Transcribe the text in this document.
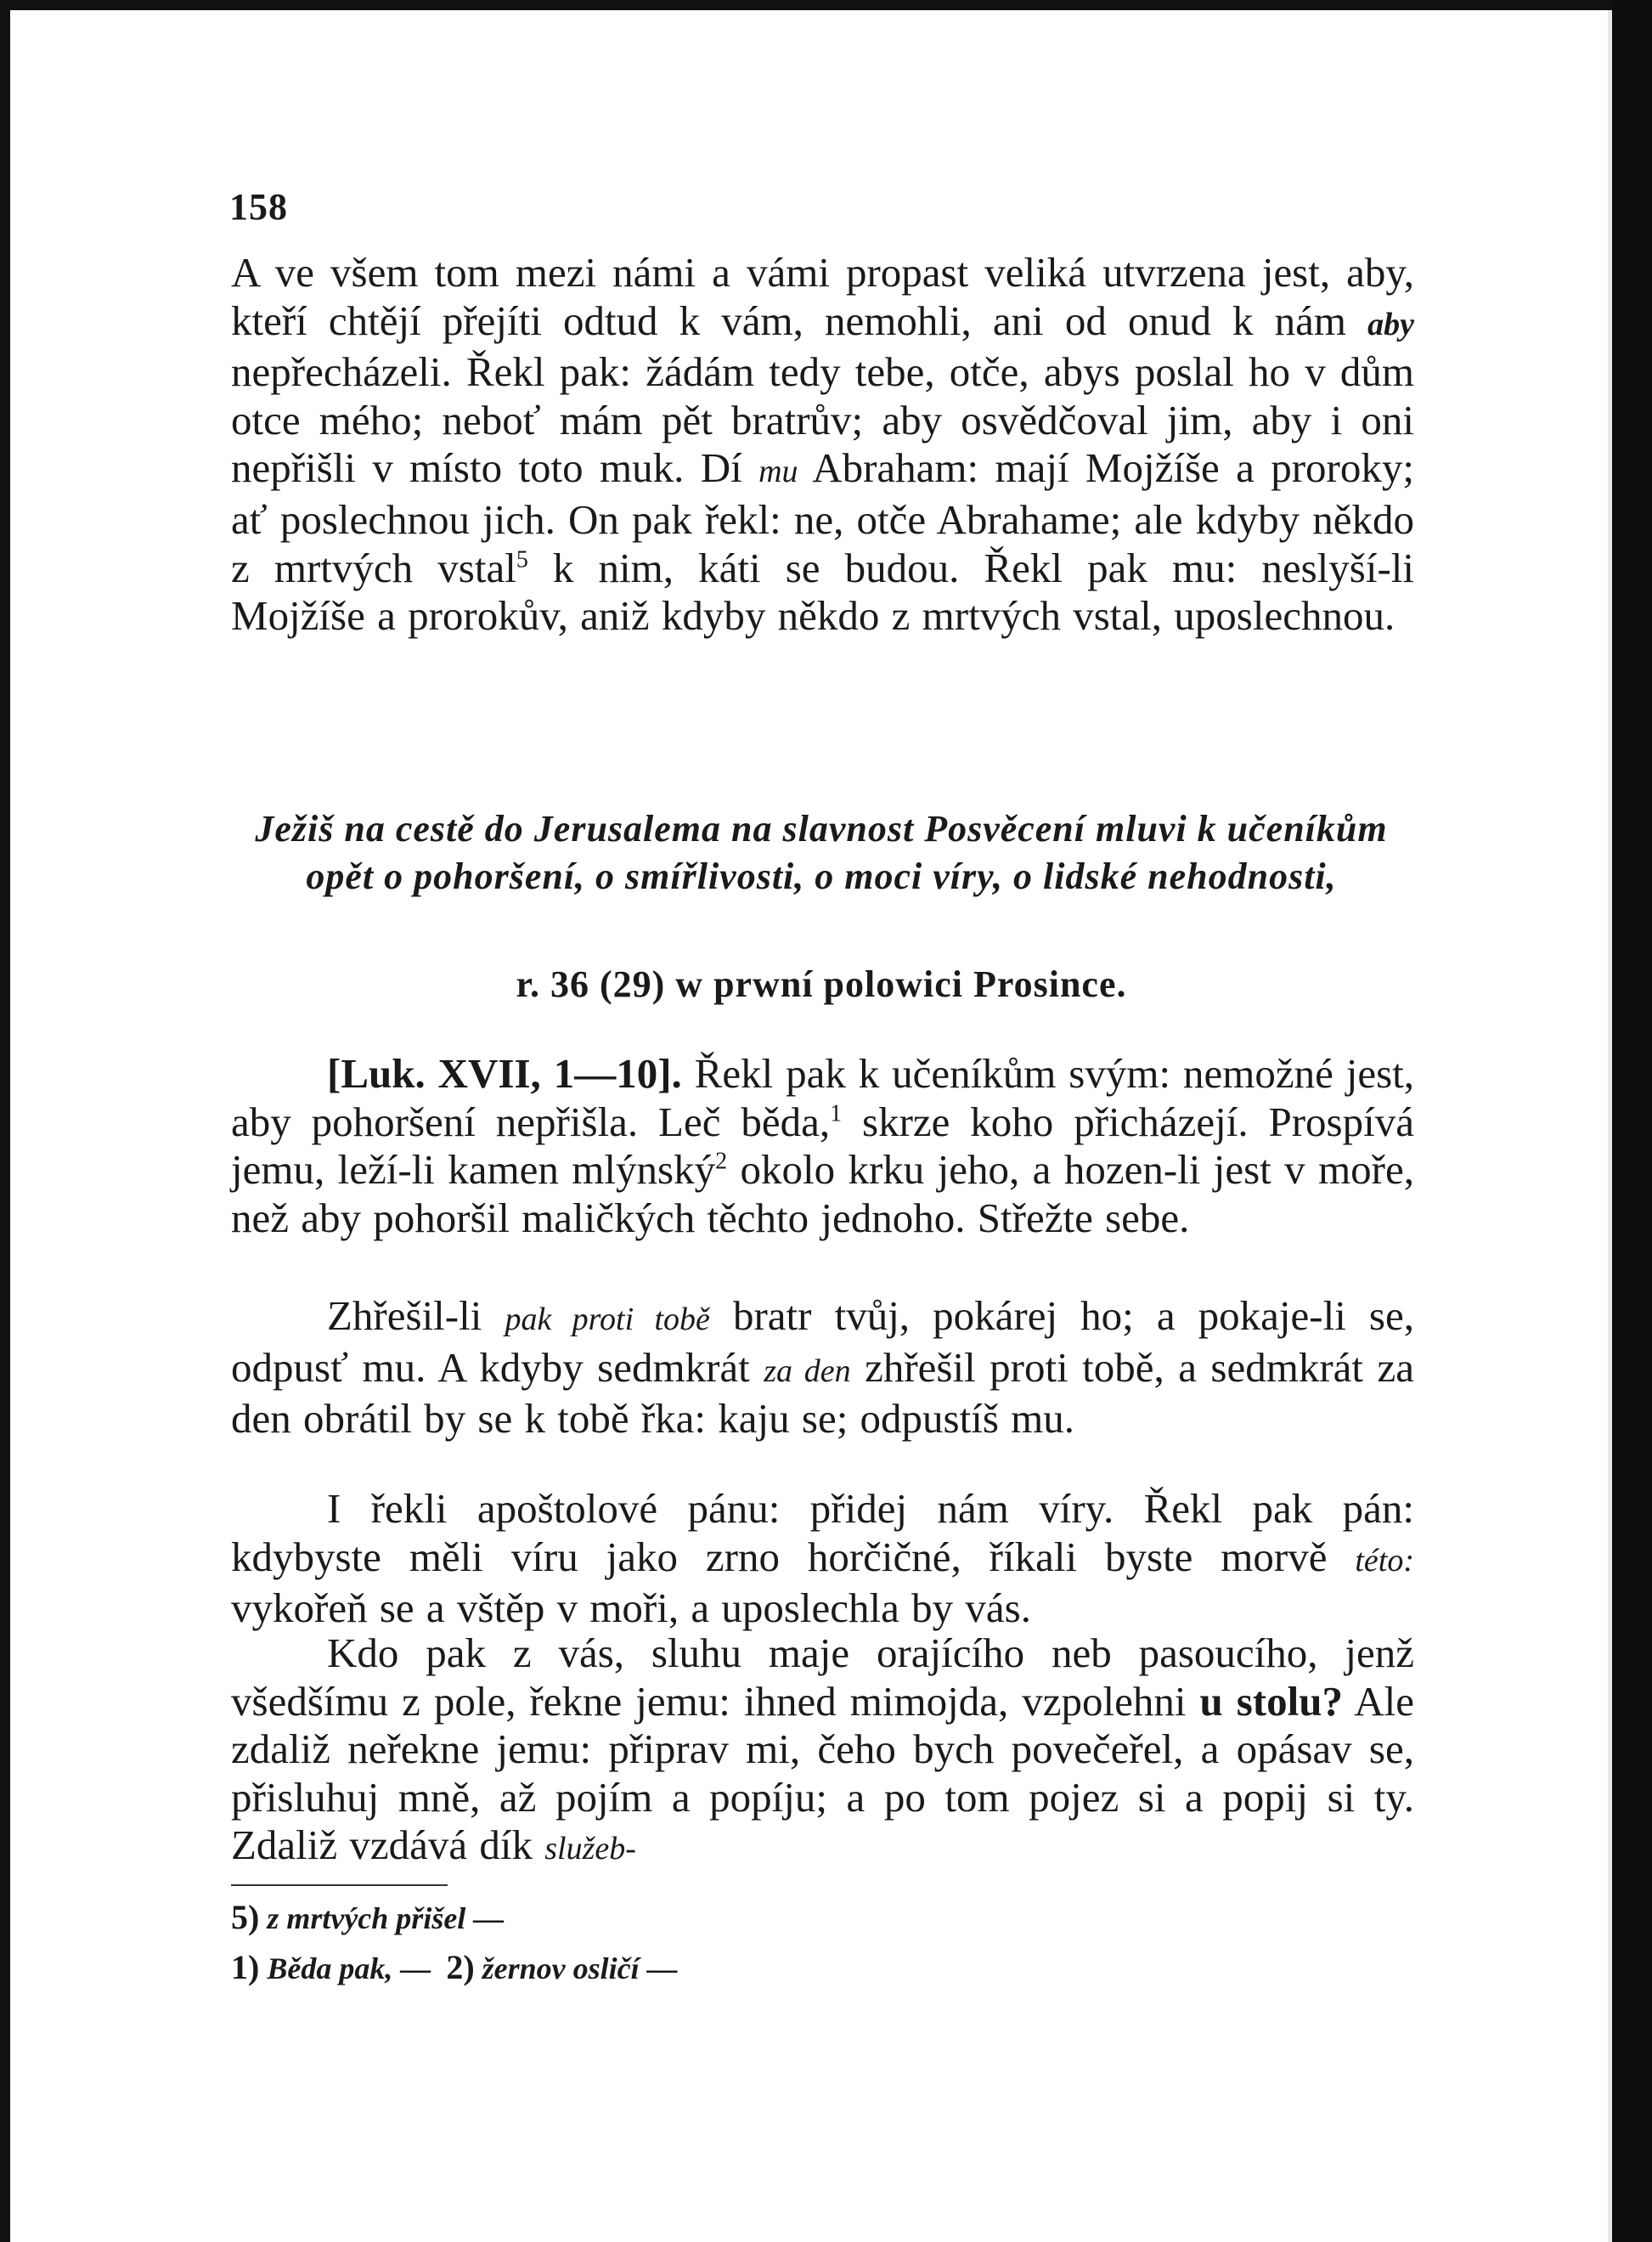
158
A ve všem tom mezi námi a vámi propast veliká utvrzena jest, aby, kteří chtějí přejíti odtud k vám, nemohli, ani od onud k nám aby nepřecházeli. Řekl pak: žádám tedy tebe, otče, abys poslal ho v dům otce mého; neboť mám pět bratrův; aby osvědčoval jim, aby i oni nepřišli v místo toto muk. Dí mu Abraham: mají Mojžíše a proroky; ať poslechnou jich. On pak řekl: ne, otče Abrahame; ale kdyby někdo z mrtvých vstal$^5$ k nim, káti se budou. Řekl pak mu: neslyší-li Mojžíše a prorokův, aniž kdyby někdo z mrtvých vstal, uposlechnou.
Ježiš na cestě do Jerusalema na slavnost Posvěcení mluvi k učeníkům opět o pohoršení, o smířlivosti, o moci víry, o lidské nehodnosti,
r. 36 (29) w prwní polowici Prosince.
[Luk. XVII, 1—10]. Řekl pak k učeníkům svým: nemožné jest, aby pohoršení nepřišla. Leč běda,$^1$ skrze koho přicházejí. Prospívá jemu, leží-li kamen mlýnský$^2$ okolo krku jeho, a hozen-li jest v moře, než aby pohoršil maličkých těchto jednoho. Střežte sebe.
Zhřešil-li pak proti tobě bratr tvůj, pokárej ho; a pokaje-li se, odpusť mu. A kdyby sedmkrát za den zhřešil proti tobě, a sedmkrát za den obrátil by se k tobě řka: kaju se; odpustíš mu.
I řekli apoštolové pánu: přidej nám víry. Řekl pak pán: kdybyste měli víru jako zrno horčičné, říkali byste morvě této: vykořeň se a vštěp v moři, a uposlechla by vás.
Kdo pak z vás, sluhu maje orajícího neb pasoucího, jenž všedšímu z pole, řekne jemu: ihned mimojda, vzpolehni u stolu? Ale zdaliž neřekne jemu: připrav mi, čeho bych povečeřel, a opásav se, přisluhuj mně, až pojím a popíju; a po tom pojez si a popij si ty. Zdaliž vzdává dík služeb-
5) z mrtvých přišel —
1) Běda pak, — 2) žernov osličí —
